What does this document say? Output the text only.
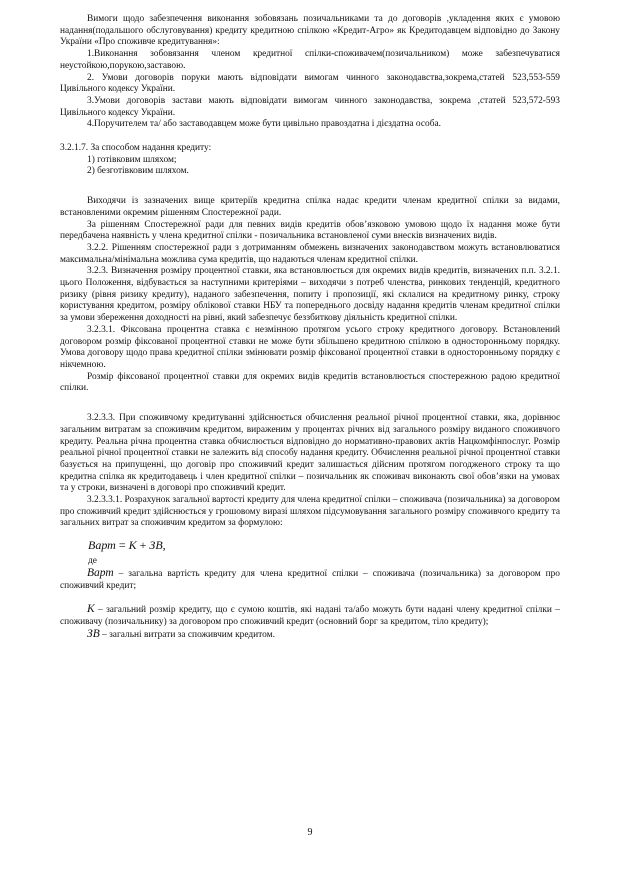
Вимоги щодо забезпечення виконання зобовязань позичальниками та до договорів ,укладення яких є умовою надання(подальшого обслуговування) кредиту кредитною спілкою «Кредит-Агро» як Кредитодавцем відповідно до Закону України «Про споживче кредитування»:

1.Виконання зобовязання членом кредитної спілки-споживачем(позичальником) може забезпечуватися неустойкою,порукою,заставою.

2. Умови договорів поруки мають відповідати вимогам чинного законодавства,зокрема,статей 523,553-559 Цивільного кодексу України.

3.Умови договорів застави мають відповідати вимогам чинного законодавства, зокрема ,статей 523,572-593 Цивільного кодексу України.

4.Поручителем та/ або заставодавцем може бути цивільно правоздатна і дієздатна особа.

3.2.1.7. За способом надання кредиту:

1) готівковим шляхом;

2) безготівковим шляхом.

Виходячи із зазначених вище критеріїв кредитна спілка надає кредити членам кредитної спілки за видами, встановленими окремим рішенням Спостережної ради.

За рішенням Спостережної ради для певних видів кредитів обов’язковою умовою щодо їх надання може бути передбачена наявність у члена кредитної спілки - позичальника встановленої суми внесків визначених видів.

3.2.2. Рішенням спостережної ради з дотриманням обмежень визначених законодавством можуть встановлюватися максимальна/мінімальна можлива сума кредитів, що надаються членам кредитної спілки.

3.2.3. Визначення розміру процентної ставки, яка встановлюється для окремих видів кредитів, визначених п.п. 3.2.1. цього Положення, відбувається за наступними критеріями – виходячи з потреб членства, ринкових тенденцій, кредитного ризику (рівня ризику кредиту), наданого забезпечення, попиту і пропозиції, які склалися на кредитному ринку, строку користування кредитом, розміру облікової ставки НБУ та попереднього досвіду надання кредитів членам кредитної спілки за умови збереження доходності на рівні, який забезпечує беззбиткову діяльність кредитної спілки.

3.2.3.1. Фіксована процентна ставка є незмінною протягом усього строку кредитного договору. Встановлений договором розмір фіксованої процентної ставки не може бути збільшено кредитною спілкою в односторонньому порядку. Умова договору щодо права кредитної спілки змінювати розмір фіксованої процентної ставки в односторонньому порядку є нікчемною.

Розмір фіксованої процентної ставки для окремих видів кредитів встановлюється спостережною радою кредитної спілки.

3.2.3.3. При споживчому кредитуванні здійснюється обчислення реальної річної процентної ставки, яка, дорівнює загальним витратам за споживчим кредитом, вираженим у процентах річних від загального розміру виданого споживчого кредиту. Реальна річна процентна ставка обчислюється відповідно до нормативно-правових актів Нацкомфінпослуг. Розмір реальної річної процентної ставки не залежить від способу надання кредиту. Обчислення реальної річної процентної ставки базується на припущенні, що договір про споживчий кредит залишається дійсним протягом погодженого строку та що кредитна спілка як кредитодавець і член кредитної спілки – позичальник як споживач виконають свої обов’язки на умовах та у строки, визначені в договорі про споживчий кредит.

3.2.3.3.1. Розрахунок загальної вартості кредиту для члена кредитної спілки – споживача (позичальника) за договором про споживчий кредит здійснюється у грошовому виразі шляхом підсумовування загального розміру споживчого кредиту та загальних витрат за споживчим кредитом за формулою:

Варт = К + ЗВ,

де

Варт – загальна вартість кредиту для члена кредитної спілки – споживача (позичальника) за договором про споживчий кредит;

К – загальний розмір кредиту, що є сумою коштів, які надані та/або можуть бути надані члену кредитної спілки – споживачу (позичальнику) за договором про споживчий кредит (основний борг за кредитом, тіло кредиту);

ЗВ – загальні витрати за споживчим кредитом.

9
